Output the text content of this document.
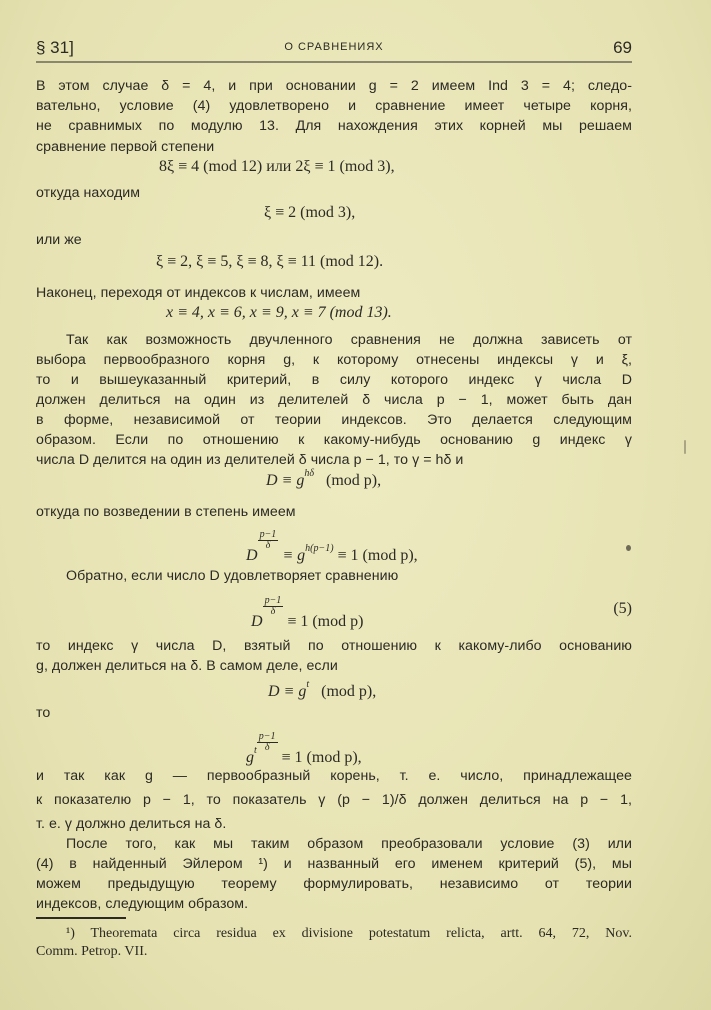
§ 31]	О СРАВНЕНИЯХ	69
В этом случае δ = 4, и при основании g = 2 имеем Ind 3 = 4; следо-
вательно, условие (4) удовлетворено и сравнение имеет четыре корня,
не сравнимых по модулю 13. Для нахождения этих корней мы решаем
сравнение первой степени
8ξ ≡ 4 (mod 12) или 2ξ ≡ 1 (mod 3),
откуда находим
ξ ≡ 2 (mod 3),
или же
ξ ≡ 2, ξ ≡ 5, ξ ≡ 8, ξ ≡ 11 (mod 12).
Наконец, переходя от индексов к числам, имеем
x ≡ 4, x ≡ 6, x ≡ 9, x ≡ 7 (mod 13).
Так как возможность двучленного сравнения не должна зависеть от
выбора первообразного корня g, к которому отнесены индексы γ и ξ,
то и вышеуказанный критерий, в силу которого индекс γ числа D
должен делиться на один из делителей δ числа p − 1, может быть дан
в форме, независимой от теории индексов. Это делается следующим
образом. Если по отношению к какому-нибудь основанию g индекс γ
числа D делится на один из делителей δ числа p − 1, то γ = hδ и
$D \equiv g^{h\delta}$ (mod p),
откуда по возведении в степень имеем
D
$\frac{p-1}{\delta}$
≡ $g^{h(p-1)} \equiv 1$ (mod p),
Обратно, если число D удовлетворяет сравнению
D
$\frac{p-1}{\delta}$
≡ 1 (mod p)
(5)
то индекс γ числа D, взятый по отношению к какому-либо основанию
g, должен делиться на δ. В самом деле, если
$D \equiv g^t$ (mod p),
то
$g^t \frac{p-1}{\delta}$
≡ 1 (mod p),
и так как g — первообразный корень, т. е. число, принадлежащее
к показателю p − 1, то показатель γ (p − 1)/δ должен делиться на p − 1,
т. е. γ должно делиться на δ.
После того, как мы таким образом преобразовали условие (3) или
(4) в найденный Эйлером ¹) и названный его именем критерий (5), мы
можем предыдущую теорему формулировать, независимо от теории
индексов, следующим образом.
¹) Theoremata circa residua ex divisione potestatum relicta, artt. 64, 72, Nov.
Comm. Petrop. VII.
